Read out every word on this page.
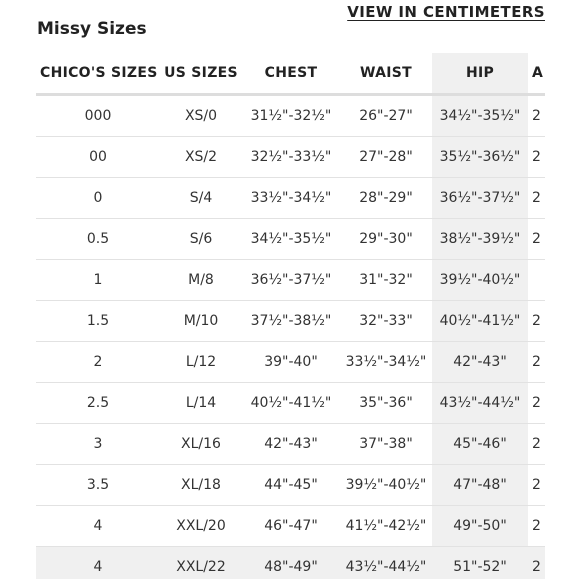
VIEW IN CENTIMETERS
Missy Sizes
CHICO'S SIZES	US SIZES	CHEST	WAIST	HIP	A
000	XS/0	31½"-32½"	26"-27"	34½"-35½"	2
00	XS/2	32½"-33½"	27"-28"	35½"-36½"	2
0	S/4	33½"-34½"	28"-29"	36½"-37½"	2
0.5	S/6	34½"-35½"	29"-30"	38½"-39½"	2
1	M/8	36½"-37½"	31"-32"	39½"-40½"	
1.5	M/10	37½"-38½"	32"-33"	40½"-41½"	2
2	L/12	39"-40"	33½"-34½"	42"-43"	2
2.5	L/14	40½"-41½"	35"-36"	43½"-44½"	2
3	XL/16	42"-43"	37"-38"	45"-46"	2
3.5	XL/18	44"-45"	39½"-40½"	47"-48"	2
4	XXL/20	46"-47"	41½"-42½"	49"-50"	2
4	XXL/22	48"-49"	43½"-44½"	51"-52"	2
